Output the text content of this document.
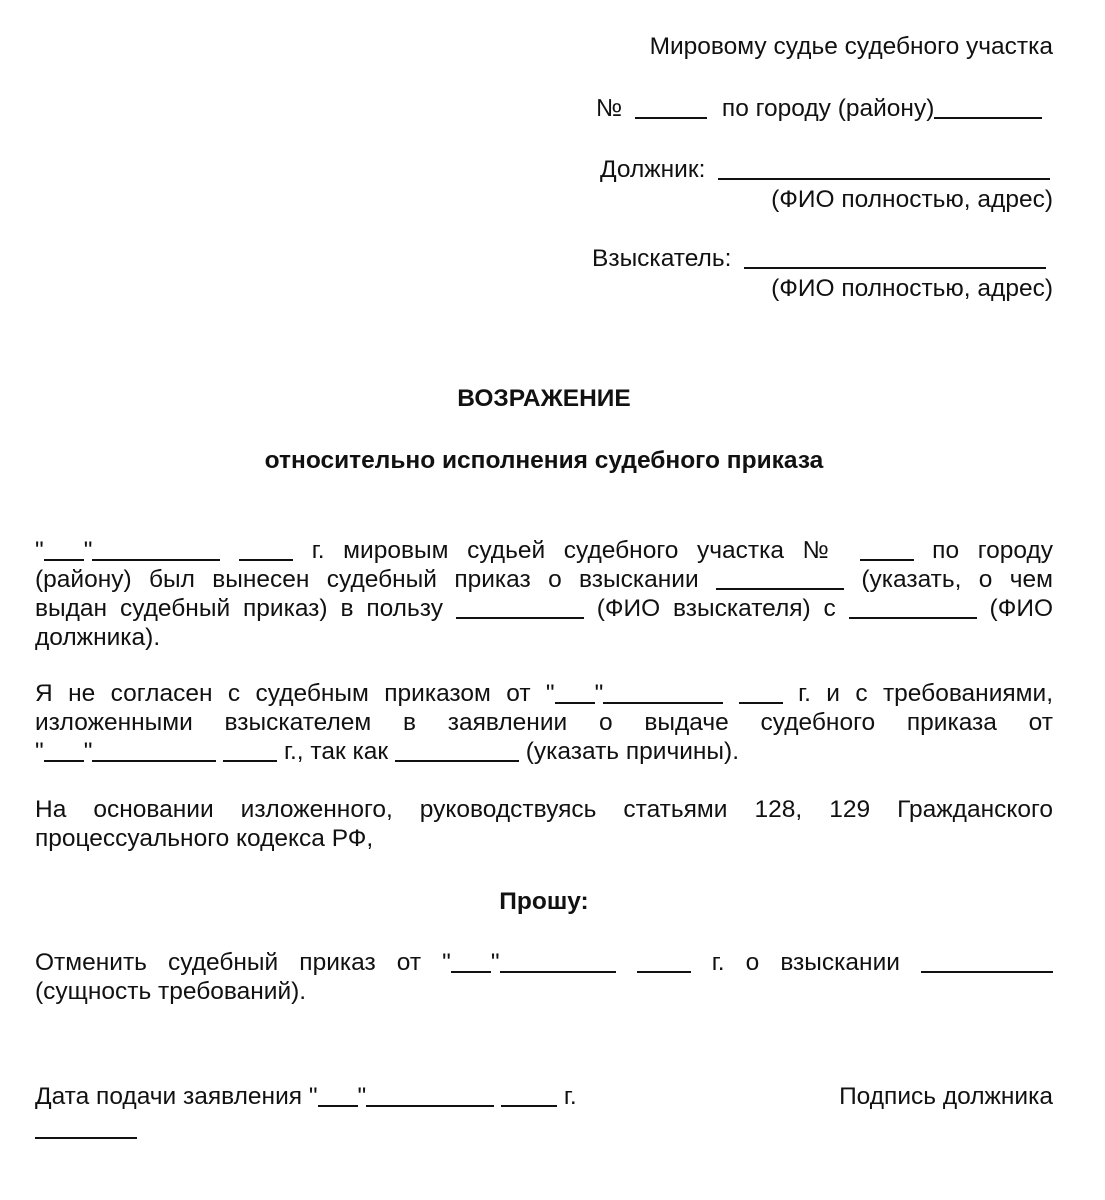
Мировому судье судебного участка
№	по городу (району)
Должник:
(ФИО полностью, адрес)
Взыскатель:
(ФИО полностью, адрес)
ВОЗРАЖЕНИЕ
относительно исполнения судебного приказа
" "	г. мировым судьей судебного участка №	по городу
(району) был вынесен судебный приказ о взыскании	(указать, о чем
выдан судебный приказ) в пользу	(ФИО взыскателя) с	(ФИО
должника).
Я не согласен с судебным приказом от " "	г. и с требованиями,
изложенными взыскателем в заявлении о выдаче судебного приказа от
" "	г., так как	(указать причины).
На основании изложенного, руководствуясь статьями 128, 129 Гражданского
процессуального кодекса РФ,
Прошу:
Отменить судебный приказ от " "	г. о взыскании
(сущность требований).
Дата подачи заявления " "	г.	Подпись должника
